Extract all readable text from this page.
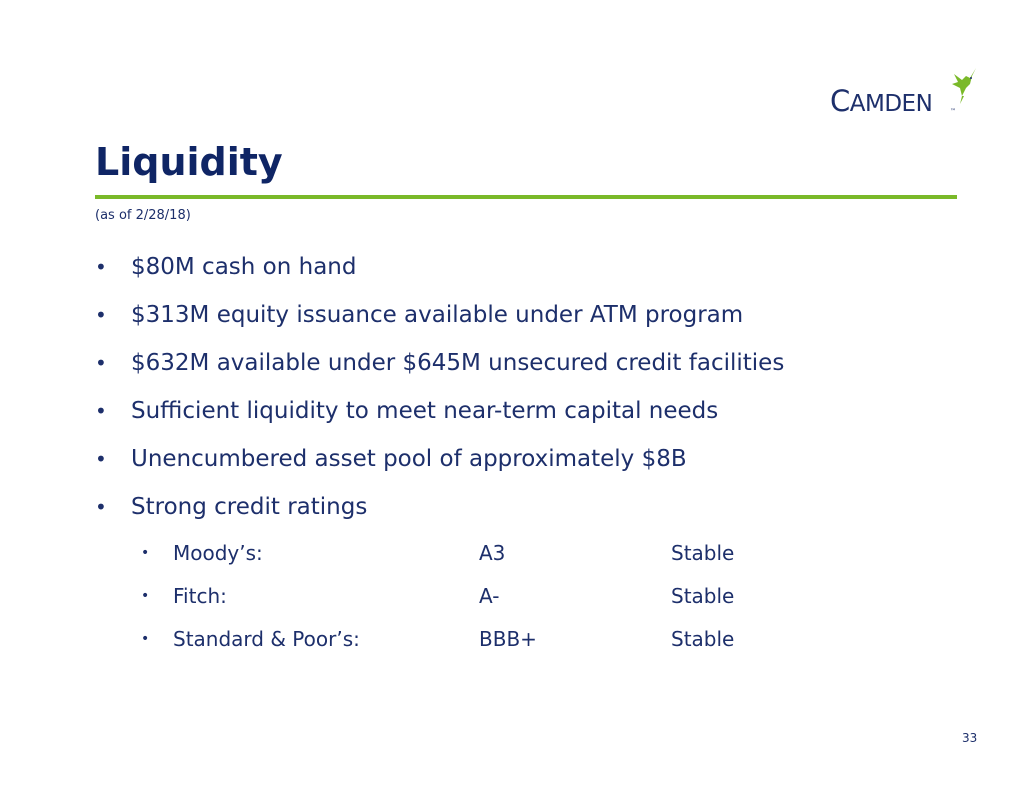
CAMDEN	™
Liquidity
(as of 2/28/18)
• $80M cash on hand
• $313M equity issuance available under ATM program
• $632M available under $645M unsecured credit facilities
• Sufficient liquidity to meet near-term capital needs
• Unencumbered asset pool of approximately $8B
• Strong credit ratings
• Moody’s:	A3	Stable
• Fitch:	A-	Stable
• Standard & Poor’s:	BBB+	Stable
33
